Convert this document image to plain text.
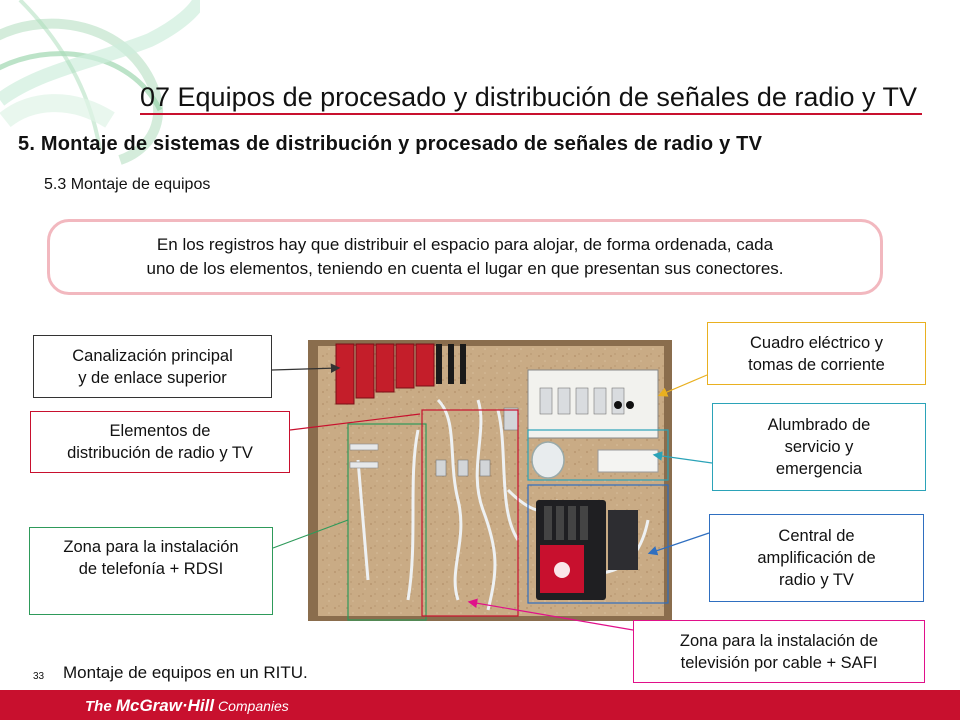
07 Equipos de procesado y distribución de señales de radio y TV
5. Montaje de sistemas de distribución y procesado de señales de radio y TV
5.3 Montaje de equipos
En los registros hay que distribuir el espacio para alojar, de forma ordenada, cada
uno de los elementos, teniendo en cuenta el lugar en que presentan sus conectores.
Canalización principal
y de enlace superior
Elementos de
distribución de radio y TV
Zona para la instalación
de telefonía + RDSI
Cuadro eléctrico y
tomas de corriente
Alumbrado de
servicio y
emergencia
Central de
amplificación de
radio y TV
Zona para la instalación de
televisión por cable + SAFI
33 Montaje de equipos en un RITU.
The McGraw·Hill Companies
